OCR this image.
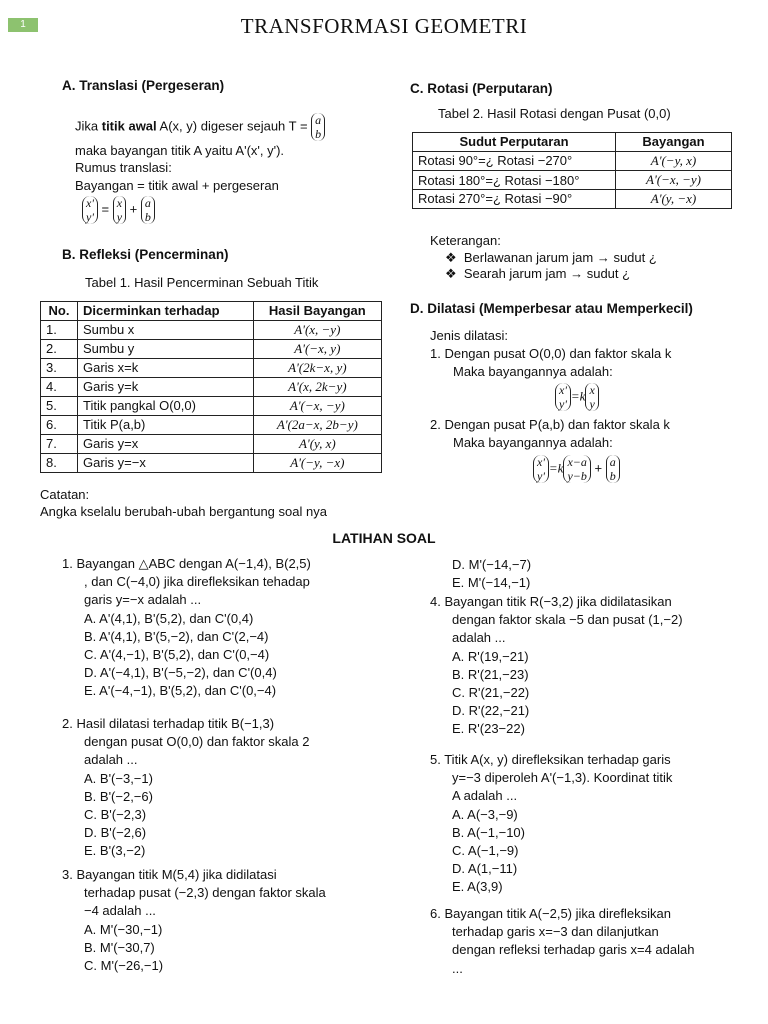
1	TRANSFORMASI GEOMETRI
A. Translasi (Pergeseran)
Jika titik awal A(x, y) digeser sejauh T = a
b
maka bayangan titik A yaitu A'(x', y').
Rumus translasi:
Bayangan = titik awal + pergeseran
x'
y' = x
y + a
b
B. Refleksi (Pencerminan)
Tabel 1. Hasil Pencerminan Sebuah Titik
No.	Dicerminkan terhadap	Hasil Bayangan
1.	Sumbu x	A'(x, −y)
2.	Sumbu y	A'(−x, y)
3.	Garis x=k	A'(2k−x, y)
4.	Garis y=k	A'(x, 2k−y)
5.	Titik pangkal O(0,0)	A'(−x, −y)
6.	Titik P(a,b)	A'(2a−x, 2b−y)
7.	Garis y=x	A'(y, x)
8.	Garis y=−x	A'(−y, −x)
Catatan:
Angka kselalu berubah-ubah bergantung soal nya
C. Rotasi (Perputaran)
Tabel 2. Hasil Rotasi dengan Pusat (0,0)
Sudut Perputaran	Bayangan
Rotasi 90°=¿ Rotasi −270°	A'(−y, x)
Rotasi 180°=¿ Rotasi −180°	A'(−x, −y)
Rotasi 270°=¿ Rotasi −90°	A'(y, −x)
Keterangan:
❖ Berlawanan jarum jam → sudut ¿
❖ Searah jarum jam → sudut ¿
D. Dilatasi (Memperbesar atau Memperkecil)
Jenis dilatasi:
1. Dengan pusat O(0,0) dan faktor skala k
Maka bayangannya adalah:
x'
y'=k x
y
2. Dengan pusat P(a,b) dan faktor skala k
Maka bayangannya adalah:
x'
y'=k x−a
y−b + a
b
LATIHAN SOAL
1. Bayangan △ABC dengan A(−1,4), B(2,5)
, dan C(−4,0) jika direfleksikan tehadap
garis y=−x adalah ...
A. A'(4,1), B'(5,2), dan C'(0,4)
B. A'(4,1), B'(5,−2), dan C'(2,−4)
C. A'(4,−1), B'(5,2), dan C'(0,−4)
D. A'(−4,1), B'(−5,−2), dan C'(0,4)
E. A'(−4,−1), B'(5,2), dan C'(0,−4)
2. Hasil dilatasi terhadap titik B(−1,3)
dengan pusat O(0,0) dan faktor skala 2
adalah ...
A. B'(−3,−1)
B. B'(−2,−6)
C. B'(−2,3)
D. B'(−2,6)
E. B'(3,−2)
3. Bayangan titik M(5,4) jika didilatasi
terhadap pusat (−2,3) dengan faktor skala
−4 adalah ...
A. M'(−30,−1)
B. M'(−30,7)
C. M'(−26,−1)
D. M'(−14,−7)
E. M'(−14,−1)
4. Bayangan titik R(−3,2) jika didilatasikan
dengan faktor skala −5 dan pusat (1,−2)
adalah ...
A. R'(19,−21)
B. R'(21,−23)
C. R'(21,−22)
D. R'(22,−21)
E. R'(23−22)
5. Titik A(x, y) direfleksikan terhadap garis
y=−3 diperoleh A'(−1,3). Koordinat titik
A adalah ...
A. A(−3,−9)
B. A(−1,−10)
C. A(−1,−9)
D. A(1,−11)
E. A(3,9)
6. Bayangan titik A(−2,5) jika direfleksikan
terhadap garis x=−3 dan dilanjutkan
dengan refleksi terhadap garis x=4 adalah
...
